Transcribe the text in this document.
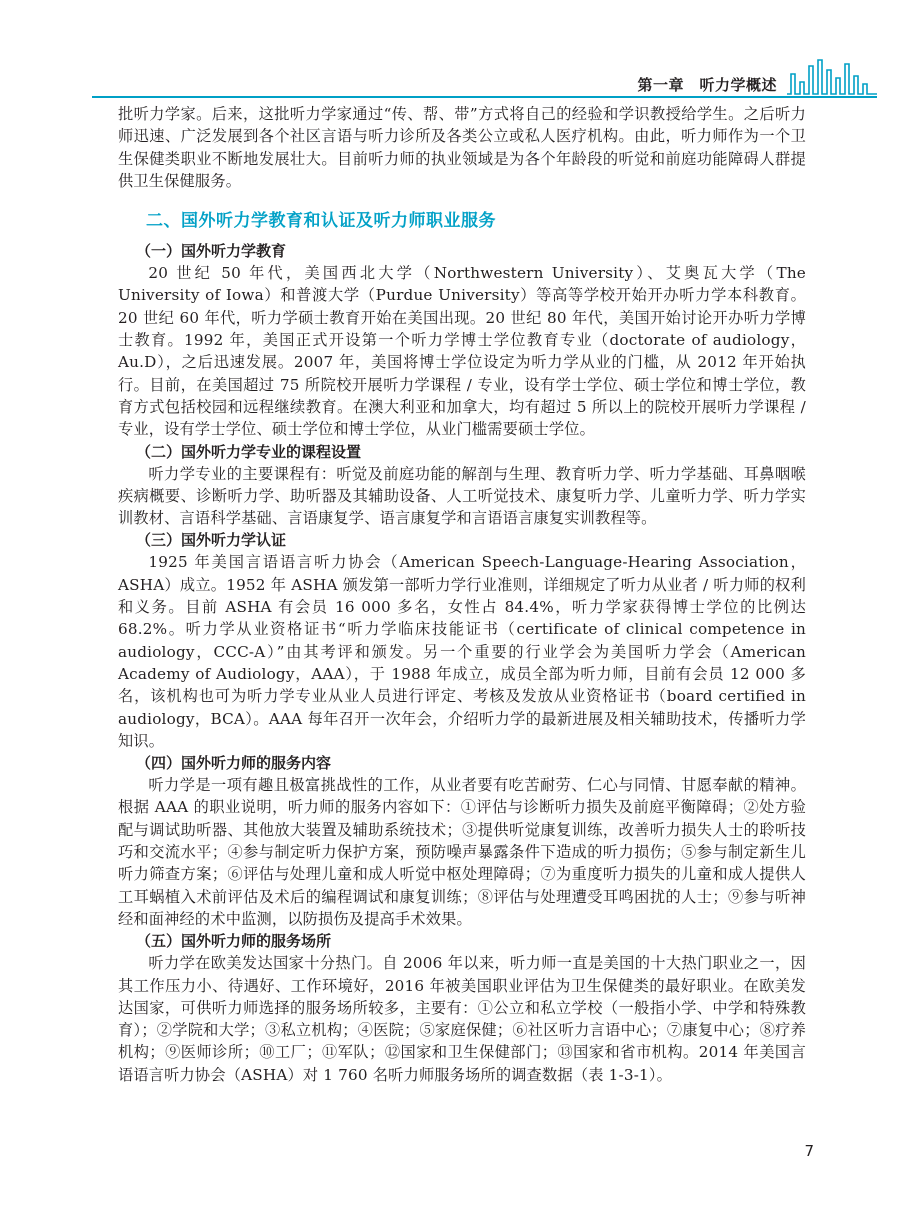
第一章　听力学概述

批听力学家。后来，这批听力学家通过“传、帮、带”方式将自己的经验和学识教授给学生。之后听力师迅速、广泛发展到各个社区言语与听力诊所及各类公立或私人医疗机构。由此，听力师作为一个卫生保健类职业不断地发展壮大。目前听力师的执业领域是为各个年龄段的听觉和前庭功能障碍人群提供卫生保健服务。

二、国外听力学教育和认证及听力师职业服务
（一）国外听力学教育

20 世纪 50 年代，美国西北大学（Northwestern University）、艾奥瓦大学（The University of Iowa）和普渡大学（Purdue University）等高等学校开始开办听力学本科教育。20 世纪 60 年代，听力学硕士教育开始在美国出现。20 世纪 80 年代，美国开始讨论开办听力学博士教育。1992 年，美国正式开设第一个听力学博士学位教育专业（doctorate of audiology，Au.D），之后迅速发展。2007 年，美国将博士学位设定为听力学从业的门槛，从 2012 年开始执行。目前，在美国超过 75 所院校开展听力学课程 / 专业，设有学士学位、硕士学位和博士学位，教育方式包括校园和远程继续教育。在澳大利亚和加拿大，均有超过 5 所以上的院校开展听力学课程 / 专业，设有学士学位、硕士学位和博士学位，从业门槛需要硕士学位。

（二）国外听力学专业的课程设置

听力学专业的主要课程有：听觉及前庭功能的解剖与生理、教育听力学、听力学基础、耳鼻咽喉疾病概要、诊断听力学、助听器及其辅助设备、人工听觉技术、康复听力学、儿童听力学、听力学实训教材、言语科学基础、言语康复学、语言康复学和言语语言康复实训教程等。

（三）国外听力学认证

1925 年美国言语语言听力协会（American Speech-Language-Hearing Association，ASHA）成立。1952 年 ASHA 颁发第一部听力学行业准则，详细规定了听力从业者 / 听力师的权利和义务。目前 ASHA 有会员 16 000 多名，女性占 84.4%，听力学家获得博士学位的比例达 68.2%。听力学从业资格证书“听力学临床技能证书（certificate of clinical competence in audiology，CCC-A）”由其考评和颁发。另一个重要的行业学会为美国听力学会（American Academy of Audiology，AAA），于 1988 年成立，成员全部为听力师，目前有会员 12 000 多名，该机构也可为听力学专业从业人员进行评定、考核及发放从业资格证书（board certified in audiology，BCA）。AAA 每年召开一次年会，介绍听力学的最新进展及相关辅助技术，传播听力学知识。

（四）国外听力师的服务内容

听力学是一项有趣且极富挑战性的工作，从业者要有吃苦耐劳、仁心与同情、甘愿奉献的精神。根据 AAA 的职业说明，听力师的服务内容如下：①评估与诊断听力损失及前庭平衡障碍；②处方验配与调试助听器、其他放大装置及辅助系统技术；③提供听觉康复训练，改善听力损失人士的聆听技巧和交流水平；④参与制定听力保护方案，预防噪声暴露条件下造成的听力损伤；⑤参与制定新生儿听力筛查方案；⑥评估与处理儿童和成人听觉中枢处理障碍；⑦为重度听力损失的儿童和成人提供人工耳蜗植入术前评估及术后的编程调试和康复训练；⑧评估与处理遭受耳鸣困扰的人士；⑨参与听神经和面神经的术中监测，以防损伤及提高手术效果。

（五）国外听力师的服务场所

听力学在欧美发达国家十分热门。自 2006 年以来，听力师一直是美国的十大热门职业之一，因其工作压力小、待遇好、工作环境好，2016 年被美国职业评估为卫生保健类的最好职业。在欧美发达国家，可供听力师选择的服务场所较多，主要有：①公立和私立学校（一般指小学、中学和特殊教育）；②学院和大学；③私立机构；④医院；⑤家庭保健；⑥社区听力言语中心；⑦康复中心；⑧疗养机构；⑨医师诊所；⑩工厂；⑪军队；⑫国家和卫生保健部门；⑬国家和省市机构。2014 年美国言语语言听力协会（ASHA）对 1 760 名听力师服务场所的调查数据（表 1-3-1）。

7
